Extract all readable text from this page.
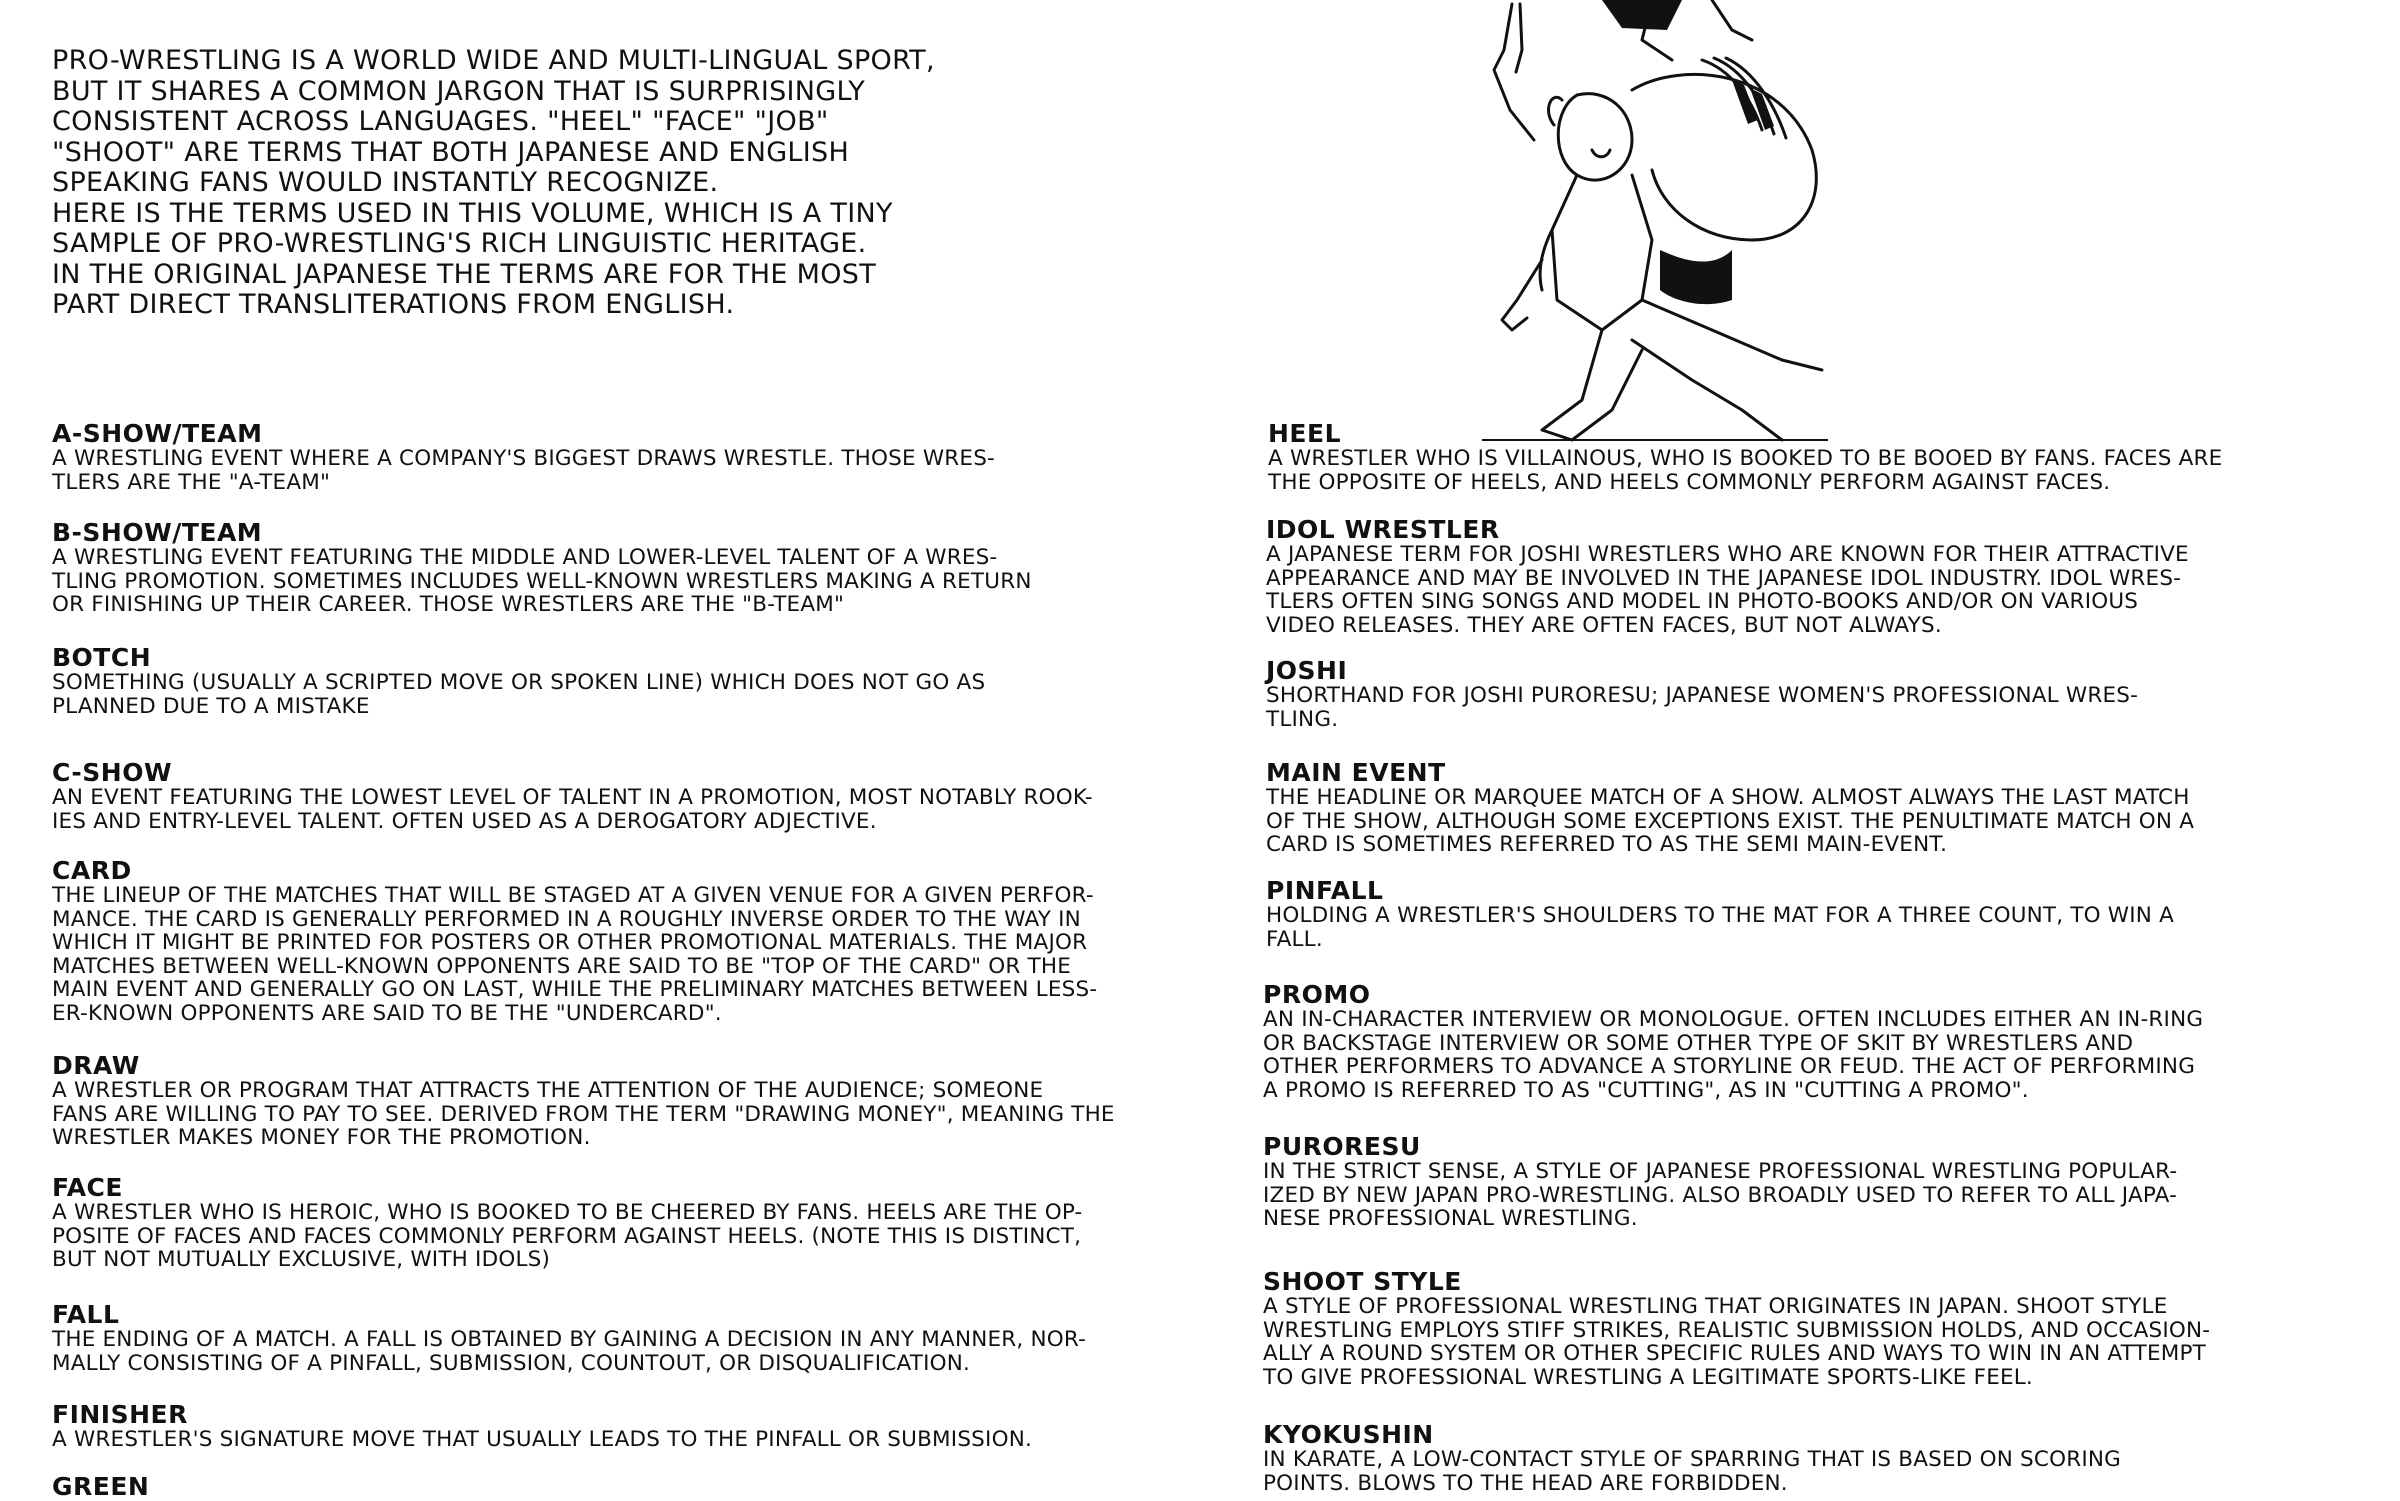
PRO-WRESTLING IS A WORLD WIDE AND MULTI-LINGUAL SPORT,

BUT IT SHARES A COMMON JARGON THAT IS SURPRISINGLY

CONSISTENT ACROSS LANGUAGES. "HEEL" "FACE" "JOB"

"SHOOT" ARE TERMS THAT BOTH JAPANESE AND ENGLISH

SPEAKING FANS WOULD INSTANTLY RECOGNIZE.

HERE IS THE TERMS USED IN THIS VOLUME, WHICH IS A TINY

SAMPLE OF PRO-WRESTLING'S RICH LINGUISTIC HERITAGE.

IN THE ORIGINAL JAPANESE THE TERMS ARE FOR THE MOST

PART DIRECT TRANSLITERATIONS FROM ENGLISH.

A-SHOW/TEAM

A WRESTLING EVENT WHERE A COMPANY'S BIGGEST DRAWS WRESTLE. THOSE WRES-

TLERS ARE THE "A-TEAM"

B-SHOW/TEAM

A WRESTLING EVENT FEATURING THE MIDDLE AND LOWER-LEVEL TALENT OF A WRES-

TLING PROMOTION. SOMETIMES INCLUDES WELL-KNOWN WRESTLERS MAKING A RETURN

OR FINISHING UP THEIR CAREER. THOSE WRESTLERS ARE THE "B-TEAM"

BOTCH

SOMETHING (USUALLY A SCRIPTED MOVE OR SPOKEN LINE) WHICH DOES NOT GO AS

PLANNED DUE TO A MISTAKE

C-SHOW

AN EVENT FEATURING THE LOWEST LEVEL OF TALENT IN A PROMOTION, MOST NOTABLY ROOK-

IES AND ENTRY-LEVEL TALENT. OFTEN USED AS A DEROGATORY ADJECTIVE.

CARD

THE LINEUP OF THE MATCHES THAT WILL BE STAGED AT A GIVEN VENUE FOR A GIVEN PERFOR-

MANCE. THE CARD IS GENERALLY PERFORMED IN A ROUGHLY INVERSE ORDER TO THE WAY IN

WHICH IT MIGHT BE PRINTED FOR POSTERS OR OTHER PROMOTIONAL MATERIALS. THE MAJOR

MATCHES BETWEEN WELL-KNOWN OPPONENTS ARE SAID TO BE "TOP OF THE CARD" OR THE

MAIN EVENT AND GENERALLY GO ON LAST, WHILE THE PRELIMINARY MATCHES BETWEEN LESS-

ER-KNOWN OPPONENTS ARE SAID TO BE THE "UNDERCARD".

DRAW

A WRESTLER OR PROGRAM THAT ATTRACTS THE ATTENTION OF THE AUDIENCE; SOMEONE

FANS ARE WILLING TO PAY TO SEE. DERIVED FROM THE TERM "DRAWING MONEY", MEANING THE

WRESTLER MAKES MONEY FOR THE PROMOTION.

FACE

A WRESTLER WHO IS HEROIC, WHO IS BOOKED TO BE CHEERED BY FANS. HEELS ARE THE OP-

POSITE OF FACES AND FACES COMMONLY PERFORM AGAINST HEELS. (NOTE THIS IS DISTINCT,

BUT NOT MUTUALLY EXCLUSIVE, WITH IDOLS)

FALL

THE ENDING OF A MATCH. A FALL IS OBTAINED BY GAINING A DECISION IN ANY MANNER, NOR-

MALLY CONSISTING OF A PINFALL, SUBMISSION, COUNTOUT, OR DISQUALIFICATION.

FINISHER

A WRESTLER'S SIGNATURE MOVE THAT USUALLY LEADS TO THE PINFALL OR SUBMISSION.

GREEN

HEEL

A WRESTLER WHO IS VILLAINOUS, WHO IS BOOKED TO BE BOOED BY FANS. FACES ARE

THE OPPOSITE OF HEELS, AND HEELS COMMONLY PERFORM AGAINST FACES.

IDOL WRESTLER

A JAPANESE TERM FOR JOSHI WRESTLERS WHO ARE KNOWN FOR THEIR ATTRACTIVE

APPEARANCE AND MAY BE INVOLVED IN THE JAPANESE IDOL INDUSTRY. IDOL WRES-

TLERS OFTEN SING SONGS AND MODEL IN PHOTO-BOOKS AND/OR ON VARIOUS

VIDEO RELEASES. THEY ARE OFTEN FACES, BUT NOT ALWAYS.

JOSHI

SHORTHAND FOR JOSHI PURORESU; JAPANESE WOMEN'S PROFESSIONAL WRES-

TLING.

MAIN EVENT

THE HEADLINE OR MARQUEE MATCH OF A SHOW. ALMOST ALWAYS THE LAST MATCH

OF THE SHOW, ALTHOUGH SOME EXCEPTIONS EXIST. THE PENULTIMATE MATCH ON A

CARD IS SOMETIMES REFERRED TO AS THE SEMI MAIN-EVENT.

PINFALL

HOLDING A WRESTLER'S SHOULDERS TO THE MAT FOR A THREE COUNT, TO WIN A

FALL.

PROMO

AN IN-CHARACTER INTERVIEW OR MONOLOGUE. OFTEN INCLUDES EITHER AN IN-RING

OR BACKSTAGE INTERVIEW OR SOME OTHER TYPE OF SKIT BY WRESTLERS AND

OTHER PERFORMERS TO ADVANCE A STORYLINE OR FEUD. THE ACT OF PERFORMING

A PROMO IS REFERRED TO AS "CUTTING", AS IN "CUTTING A PROMO".

PURORESU

IN THE STRICT SENSE, A STYLE OF JAPANESE PROFESSIONAL WRESTLING POPULAR-

IZED BY NEW JAPAN PRO-WRESTLING. ALSO BROADLY USED TO REFER TO ALL JAPA-

NESE PROFESSIONAL WRESTLING.

SHOOT STYLE

A STYLE OF PROFESSIONAL WRESTLING THAT ORIGINATES IN JAPAN. SHOOT STYLE

WRESTLING EMPLOYS STIFF STRIKES, REALISTIC SUBMISSION HOLDS, AND OCCASION-

ALLY A ROUND SYSTEM OR OTHER SPECIFIC RULES AND WAYS TO WIN IN AN ATTEMPT

TO GIVE PROFESSIONAL WRESTLING A LEGITIMATE SPORTS-LIKE FEEL.

KYOKUSHIN

IN KARATE, A LOW-CONTACT STYLE OF SPARRING THAT IS BASED ON SCORING

POINTS. BLOWS TO THE HEAD ARE FORBIDDEN.
